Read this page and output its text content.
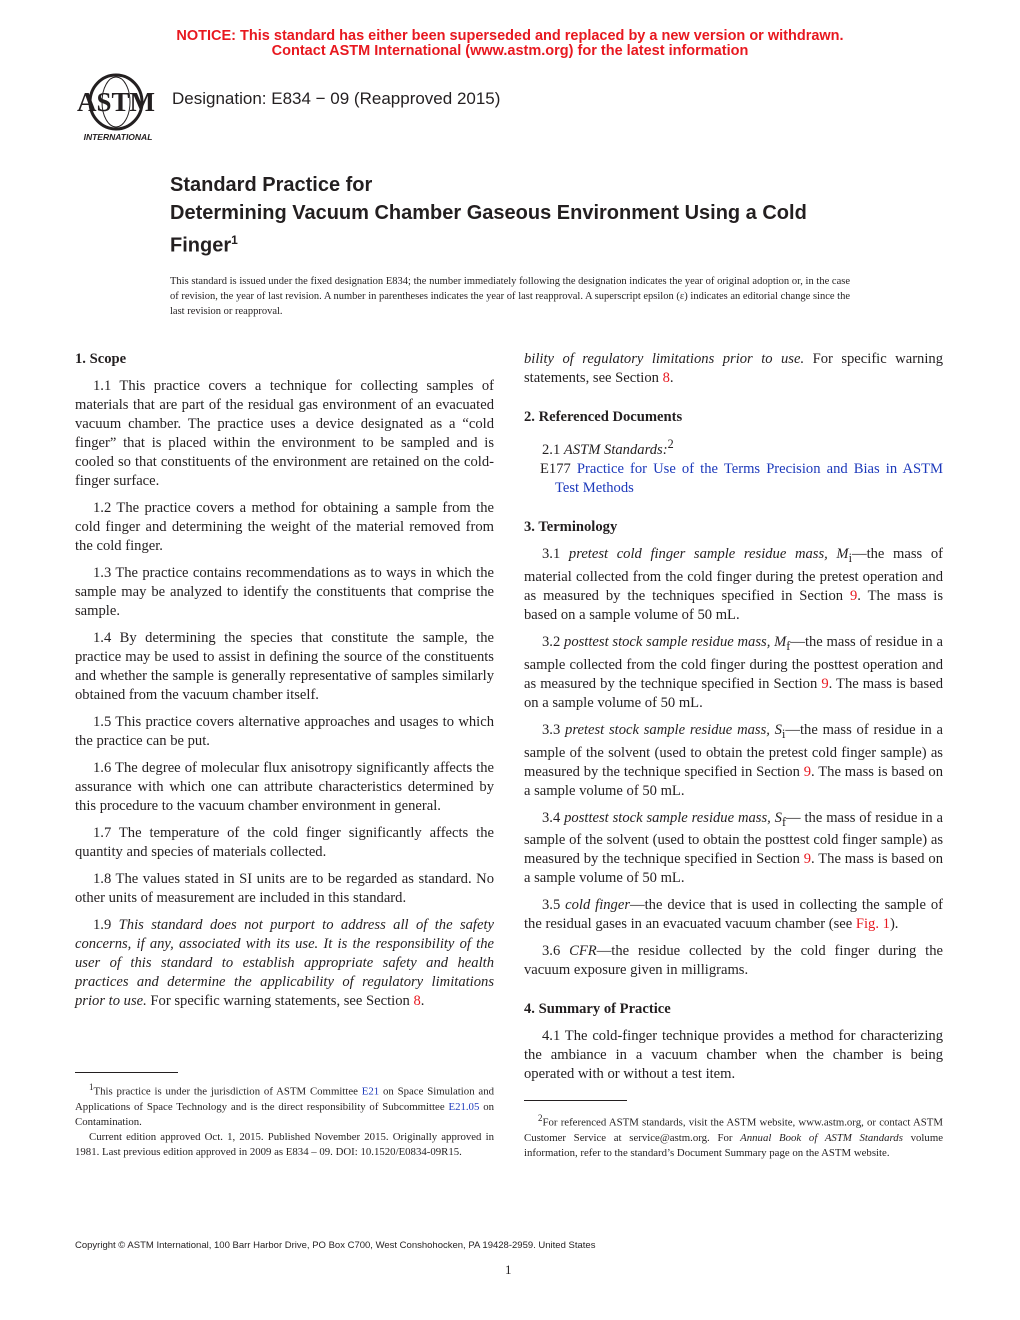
NOTICE: This standard has either been superseded and replaced by a new version or withdrawn.
Contact ASTM International (www.astm.org) for the latest information
ASTM
INTERNATIONAL
Designation: E834 − 09 (Reapproved 2015)
Standard Practice for
Determining Vacuum Chamber Gaseous Environment Using a Cold Finger$^1$
This standard is issued under the fixed designation E834; the number immediately following the designation indicates the year of original adoption or, in the case of revision, the year of last revision. A number in parentheses indicates the year of last reapproval. A superscript epsilon (ε) indicates an editorial change since the last revision or reapproval.
1. Scope

1.1 This practice covers a technique for collecting samples of materials that are part of the residual gas environment of an evacuated vacuum chamber. The practice uses a device designated as a “cold finger” that is placed within the environment to be sampled and is cooled so that constituents of the environment are retained on the cold-finger surface.

1.2 The practice covers a method for obtaining a sample from the cold finger and determining the weight of the material removed from the cold finger.

1.3 The practice contains recommendations as to ways in which the sample may be analyzed to identify the constituents that comprise the sample.

1.4 By determining the species that constitute the sample, the practice may be used to assist in defining the source of the constituents and whether the sample is generally representative of samples similarly obtained from the vacuum chamber itself.

1.5 This practice covers alternative approaches and usages to which the practice can be put.

1.6 The degree of molecular flux anisotropy significantly affects the assurance with which one can attribute characteristics determined by this procedure to the vacuum chamber environment in general.

1.7 The temperature of the cold finger significantly affects the quantity and species of materials collected.

1.8 The values stated in SI units are to be regarded as standard. No other units of measurement are included in this standard.

1.9 This standard does not purport to address all of the safety concerns, if any, associated with its use. It is the responsibility of the user of this standard to establish appropriate safety and health practices and determine the applicability of regulatory limitations prior to use. For specific warning statements, see Section 8.

$^1$This practice is under the jurisdiction of ASTM Committee E21 on Space Simulation and Applications of Space Technology and is the direct responsibility of Subcommittee E21.05 on Contamination.

Current edition approved Oct. 1, 2015. Published November 2015. Originally approved in 1981. Last previous edition approved in 2009 as E834 – 09. DOI: 10.1520/E0834-09R15.

bility of regulatory limitations prior to use. For specific warning statements, see Section 8.

2. Referenced Documents

2.1 ASTM Standards:$^2$

E177 Practice for Use of the Terms Precision and Bias in ASTM Test Methods

3. Terminology

3.1 pretest cold finger sample residue mass, $M_i—the$ mass of material collected from the cold finger during the pretest operation and as measured by the techniques specified in Section 9. The mass is based on a sample volume of 50 mL.

3.2 posttest stock sample residue mass, $M_f—the$ mass of residue in a sample collected from the cold finger during the posttest operation and as measured by the technique specified in Section 9. The mass is based on a sample volume of 50 mL.

3.3 pretest stock sample residue mass, $S_i—the$ mass of residue in a sample of the solvent (used to obtain the pretest cold finger sample) as measured by the technique specified in Section 9. The mass is based on a sample volume of 50 mL.

3.4 posttest stock sample residue mass, $S_f—$ the mass of residue in a sample of the solvent (used to obtain the posttest cold finger sample) as measured by the technique specified in Section 9. The mass is based on a sample volume of 50 mL.

3.5 cold finger—the device that is used in collecting the sample of the residual gases in an evacuated vacuum chamber (see Fig. 1).

3.6 CFR—the residue collected by the cold finger during the vacuum exposure given in milligrams.

4. Summary of Practice

4.1 The cold-finger technique provides a method for characterizing the ambiance in a vacuum chamber when the chamber is being operated with or without a test item.

$^2$For referenced ASTM standards, visit the ASTM website, www.astm.org, or contact ASTM Customer Service at service@astm.org. For Annual Book of ASTM Standards volume information, refer to the standard’s Document Summary page on the ASTM website.

Copyright © ASTM International, 100 Barr Harbor Drive, PO Box C700, West Conshohocken, PA 19428-2959. United States
1
